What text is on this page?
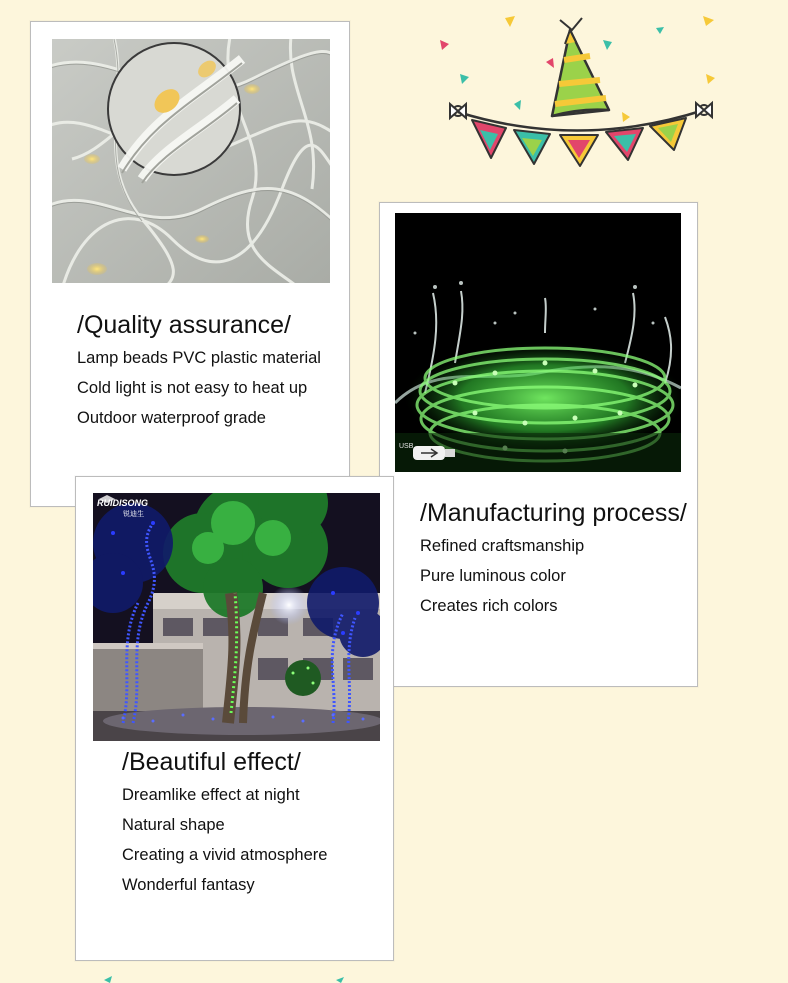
/Quality assurance/

Lamp beads PVC plastic material

Cold light is not easy to heat up

Outdoor waterproof grade

USB
/Manufacturing process/

Refined craftsmanship

Pure luminous color

Creates rich colors

RUIDISONG
锐迪生
/Beautiful effect/

Dreamlike effect at night

Natural shape

Creating a vivid atmosphere

Wonderful fantasy
